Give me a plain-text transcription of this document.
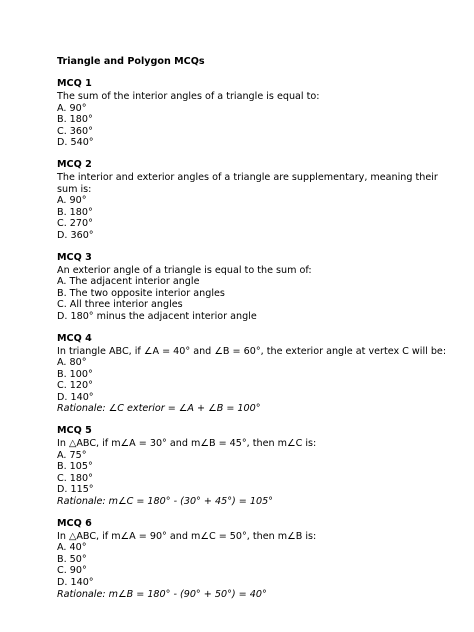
Triangle and Polygon MCQs
MCQ 1
The sum of the interior angles of a triangle is equal to:
A. 90°
B. 180°
C. 360°
D. 540°
MCQ 2
The interior and exterior angles of a triangle are supplementary, meaning their sum is:
A. 90°
B. 180°
C. 270°
D. 360°
MCQ 3
An exterior angle of a triangle is equal to the sum of:
A. The adjacent interior angle
B. The two opposite interior angles
C. All three interior angles
D. 180° minus the adjacent interior angle
MCQ 4
In triangle ABC, if ∠A = 40° and ∠B = 60°, the exterior angle at vertex C will be:
A. 80°
B. 100°
C. 120°
D. 140°
Rationale: ∠C exterior = ∠A + ∠B = 100°
MCQ 5
In △ABC, if m∠A = 30° and m∠B = 45°, then m∠C is:
A. 75°
B. 105°
C. 180°
D. 115°
Rationale: m∠C = 180° - (30° + 45°) = 105°
MCQ 6
In △ABC, if m∠A = 90° and m∠C = 50°, then m∠B is:
A. 40°
B. 50°
C. 90°
D. 140°
Rationale: m∠B = 180° - (90° + 50°) = 40°
